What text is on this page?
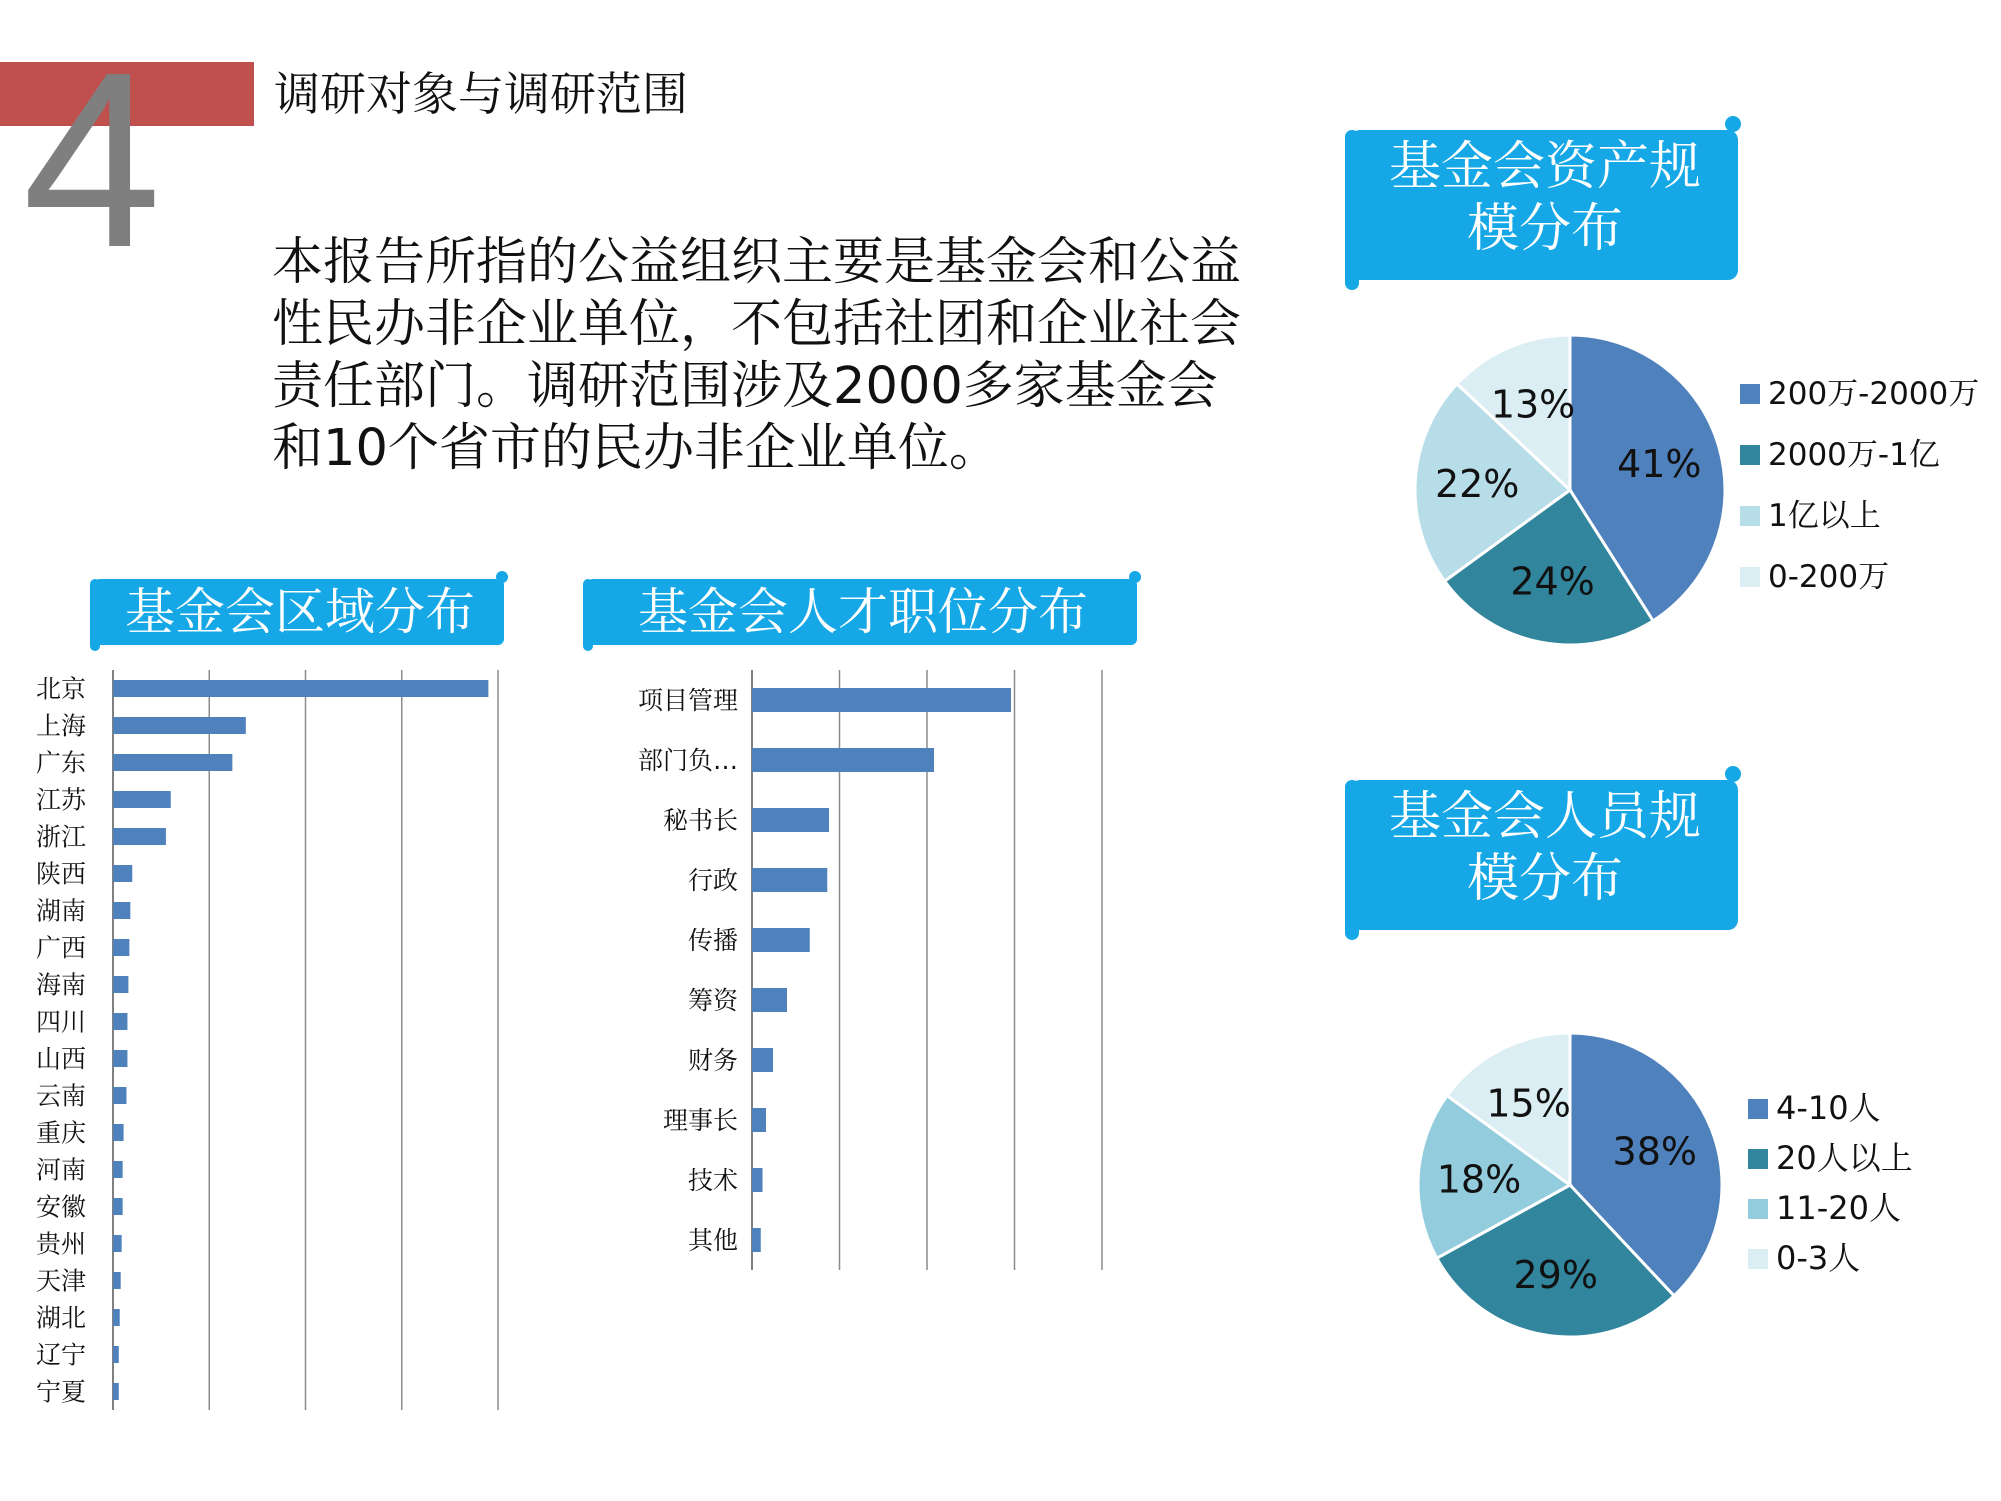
4 调研对象与调研范围
本报告所指的公益组织主要是基金会和公益
性民办非企业单位，不包括社团和企业社会
责任部门。调研范围涉及2000多家基金会
和10个省市的民办非企业单位。
基金会区域分布	基金会人才职位分布
基金会资产规
模分布
基金会人员规
模分布
北京
上海
广东
江苏
浙江
陕西
湖南
广西
海南
四川
山西
云南
重庆
河南
安徽
贵州
天津
湖北
辽宁
宁夏
项目管理
部门负…
秘书长
行政
传播
筹资
财务
理事长
技术
其他
41%
24%
22%
13%	200万-2000万
2000万-1亿
1亿以上
0-200万
38%
29%
18%
15%	4-10人
20人以上
11-20人
0-3人
